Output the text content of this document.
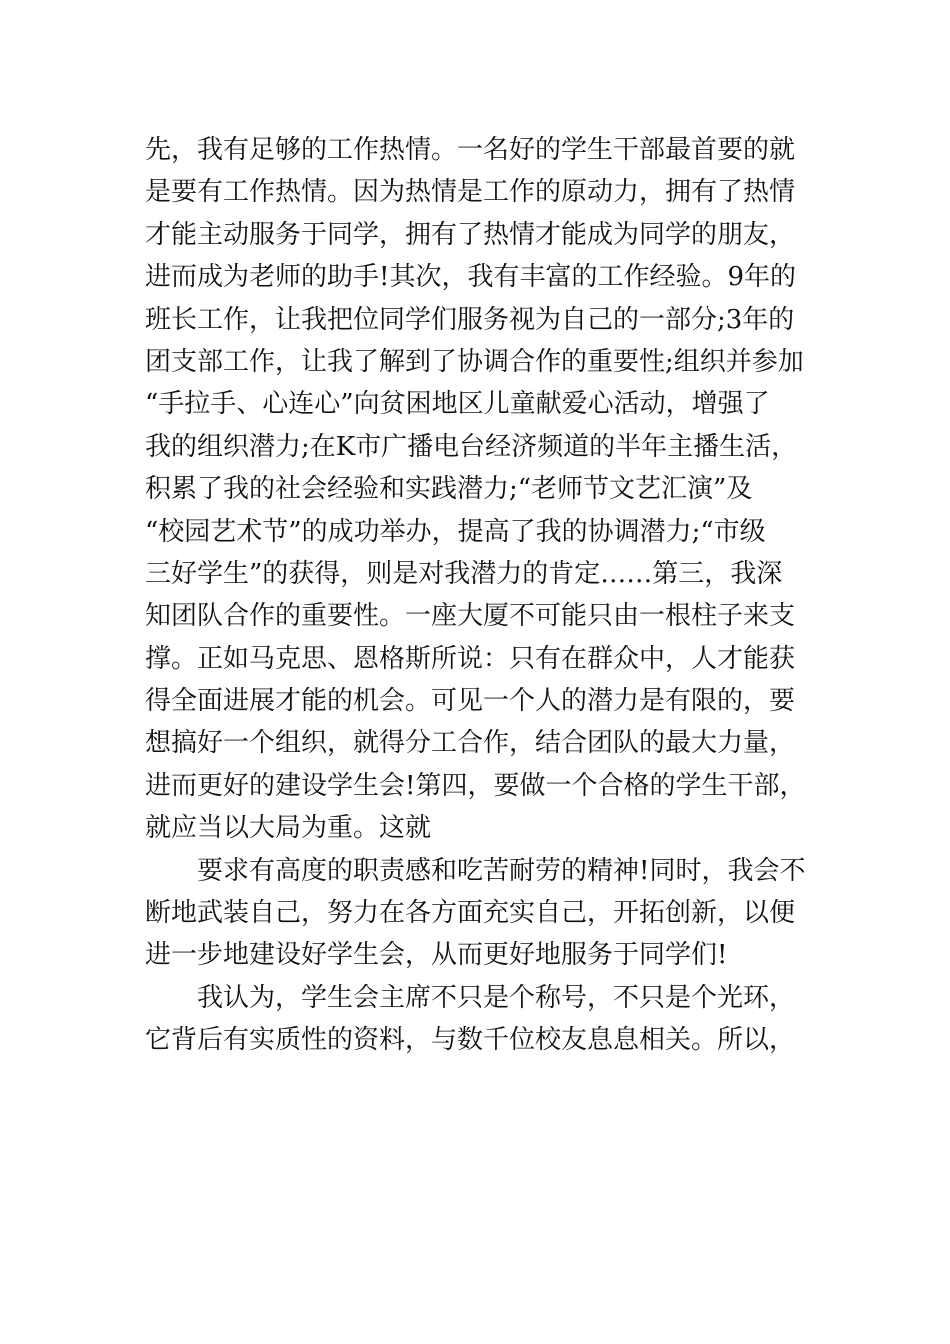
先，我有足够的工作热情。一名好的学生干部最首要的就
是要有工作热情。因为热情是工作的原动力，拥有了热情
才能主动服务于同学，拥有了热情才能成为同学的朋友，
进而成为老师的助手!其次，我有丰富的工作经验。9年的
班长工作，让我把位同学们服务视为自己的一部分;3年的
团支部工作，让我了解到了协调合作的重要性;组织并参加
“手拉手、心连心”向贫困地区儿童献爱心活动，增强了
我的组织潜力;在K市广播电台经济频道的半年主播生活，
积累了我的社会经验和实践潜力;“老师节文艺汇演”及
“校园艺术节”的成功举办，提高了我的协调潜力;“市级
三好学生”的获得，则是对我潜力的肯定……第三，我深
知团队合作的重要性。一座大厦不可能只由一根柱子来支
撑。正如马克思、恩格斯所说：只有在群众中，人才能获
得全面进展才能的机会。可见一个人的潜力是有限的，要
想搞好一个组织，就得分工合作，结合团队的最大力量，
进而更好的建设学生会!第四，要做一个合格的学生干部，
就应当以大局为重。这就
　　要求有高度的职责感和吃苦耐劳的精神!同时，我会不
断地武装自己，努力在各方面充实自己，开拓创新，以便
进一步地建设好学生会，从而更好地服务于同学们!
　　我认为，学生会主席不只是个称号，不只是个光环，
它背后有实质性的资料，与数千位校友息息相关。所以，
